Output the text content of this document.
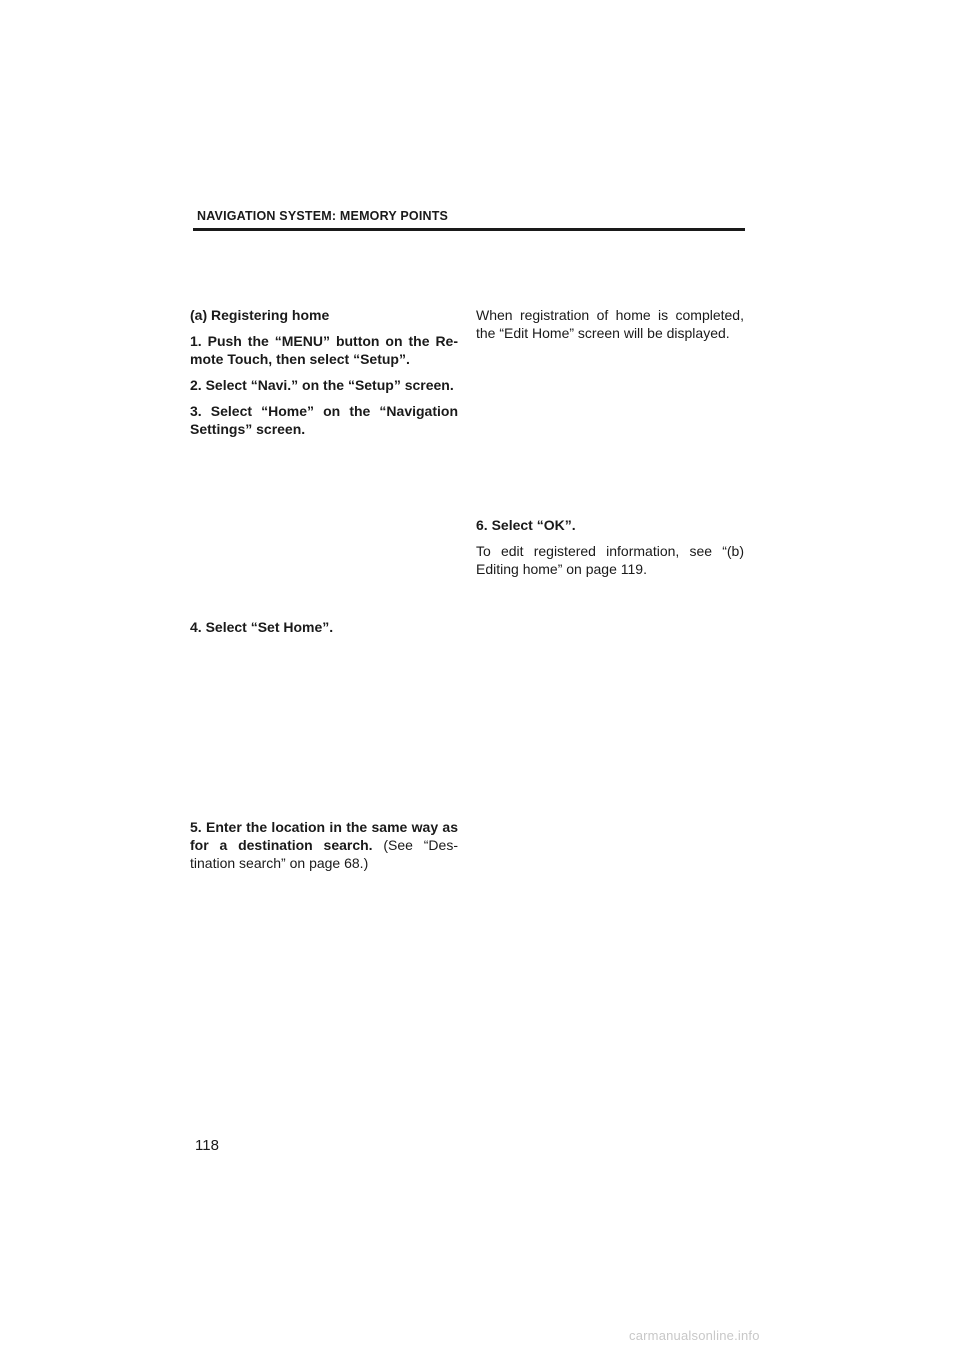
NAVIGATION SYSTEM: MEMORY POINTS

(a) Registering home

1. Push the “MENU” button on the Re- mote Touch, then select “Setup”.

2. Select “Navi.” on the “Setup” screen.

3. Select “Home” on the “Navigation Settings” screen.

4. Select “Set Home”.

5. Enter the location in the same way as for a destination search. (See “Des- tination search” on page 68.)

When registration of home is completed, the “Edit Home” screen will be displayed.

6. Select “OK”.

To edit registered information, see “(b) Editing home” on page 119.

118
carmanualsonline.info
